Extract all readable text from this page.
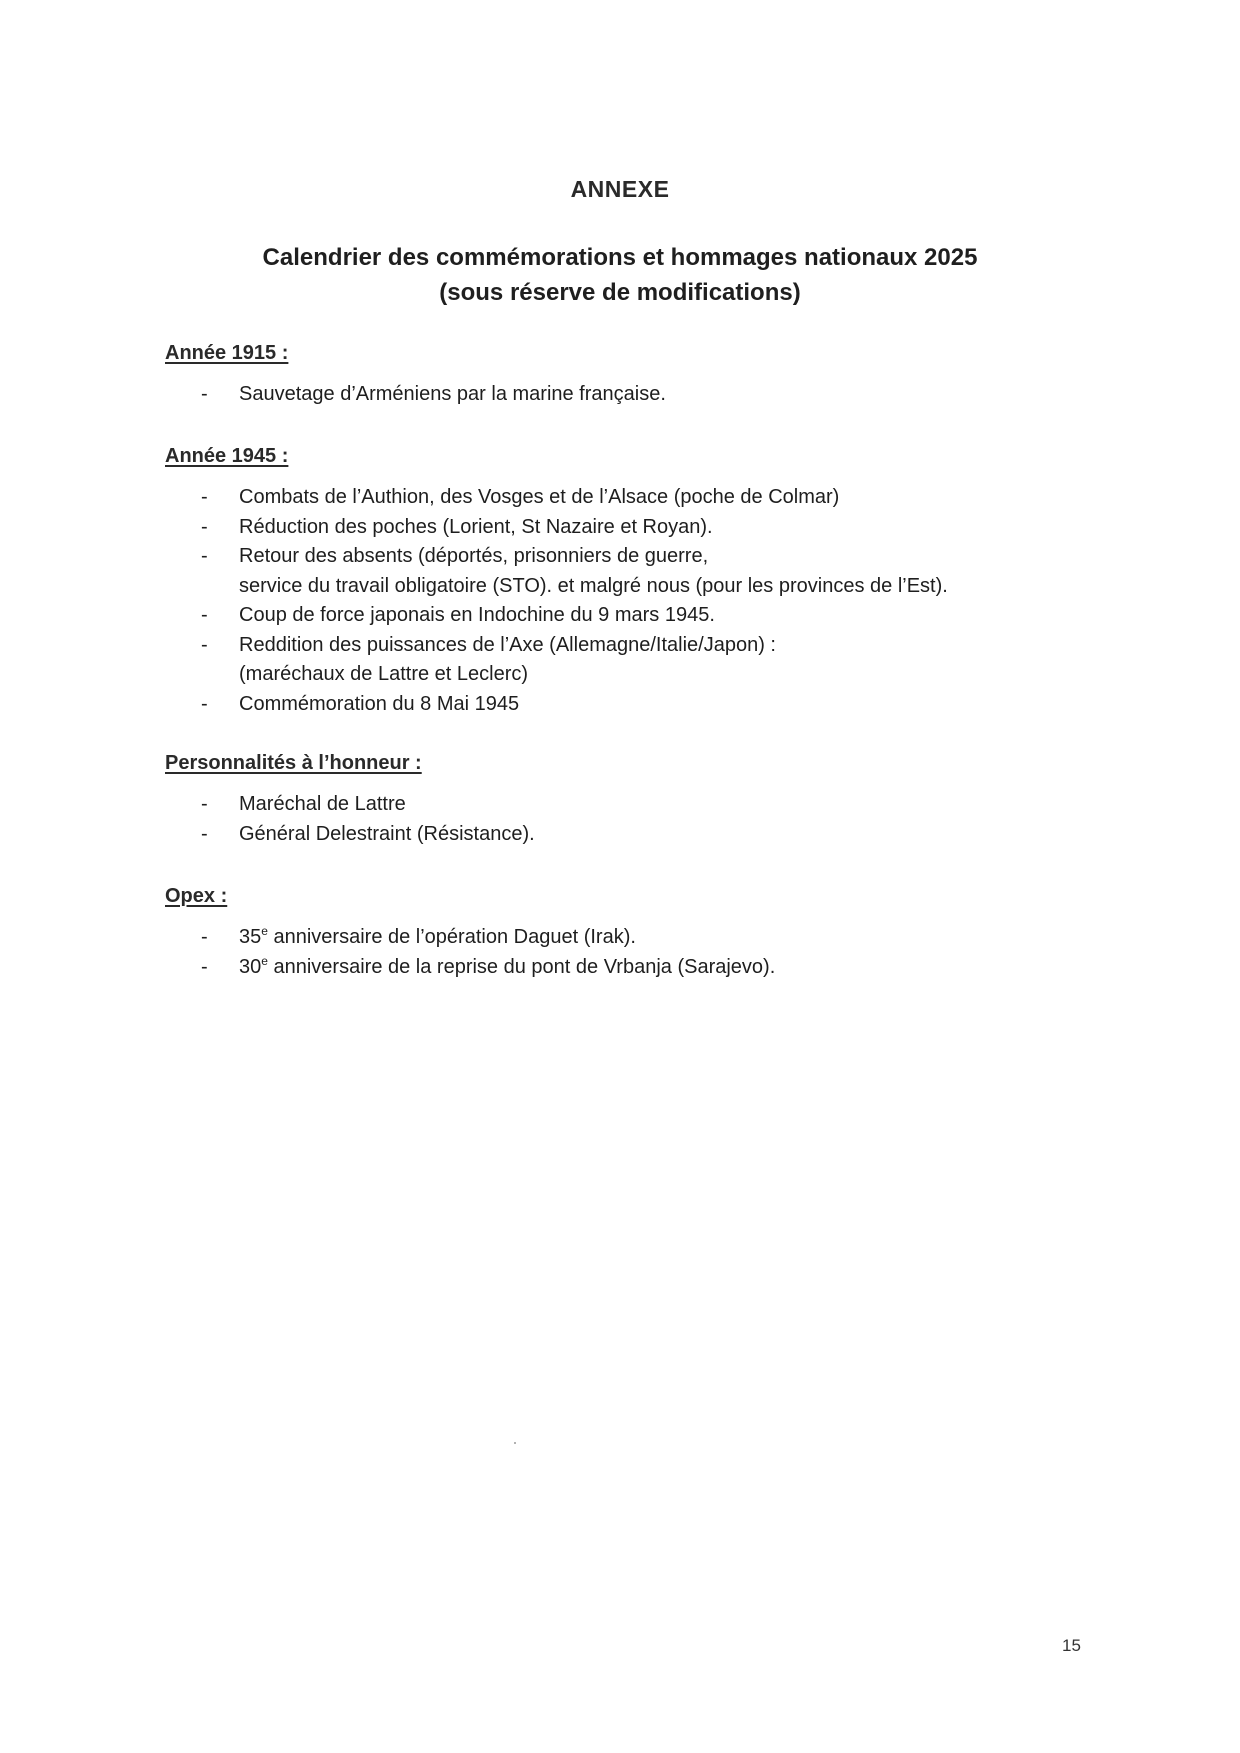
ANNEXE
Calendrier des commémorations et hommages nationaux 2025
(sous réserve de modifications)
Année 1915 :
- Sauvetage d’Arméniens par la marine française.
Année 1945 :
- Combats de l’Authion, des Vosges et de l’Alsace (poche de Colmar)
- Réduction des poches (Lorient, St Nazaire et Royan).
- Retour des absents (déportés, prisonniers de guerre,
service du travail obligatoire (STO). et malgré nous (pour les provinces de l’Est).
- Coup de force japonais en Indochine du 9 mars 1945.
- Reddition des puissances de l’Axe (Allemagne/Italie/Japon) :
(maréchaux de Lattre et Leclerc)
- Commémoration du 8 Mai 1945
Personnalités à l’honneur :
- Maréchal de Lattre
- Général Delestraint (Résistance).
Opex :
- 35e anniversaire de l’opération Daguet (Irak).
- 30e anniversaire de la reprise du pont de Vrbanja (Sarajevo).
15
